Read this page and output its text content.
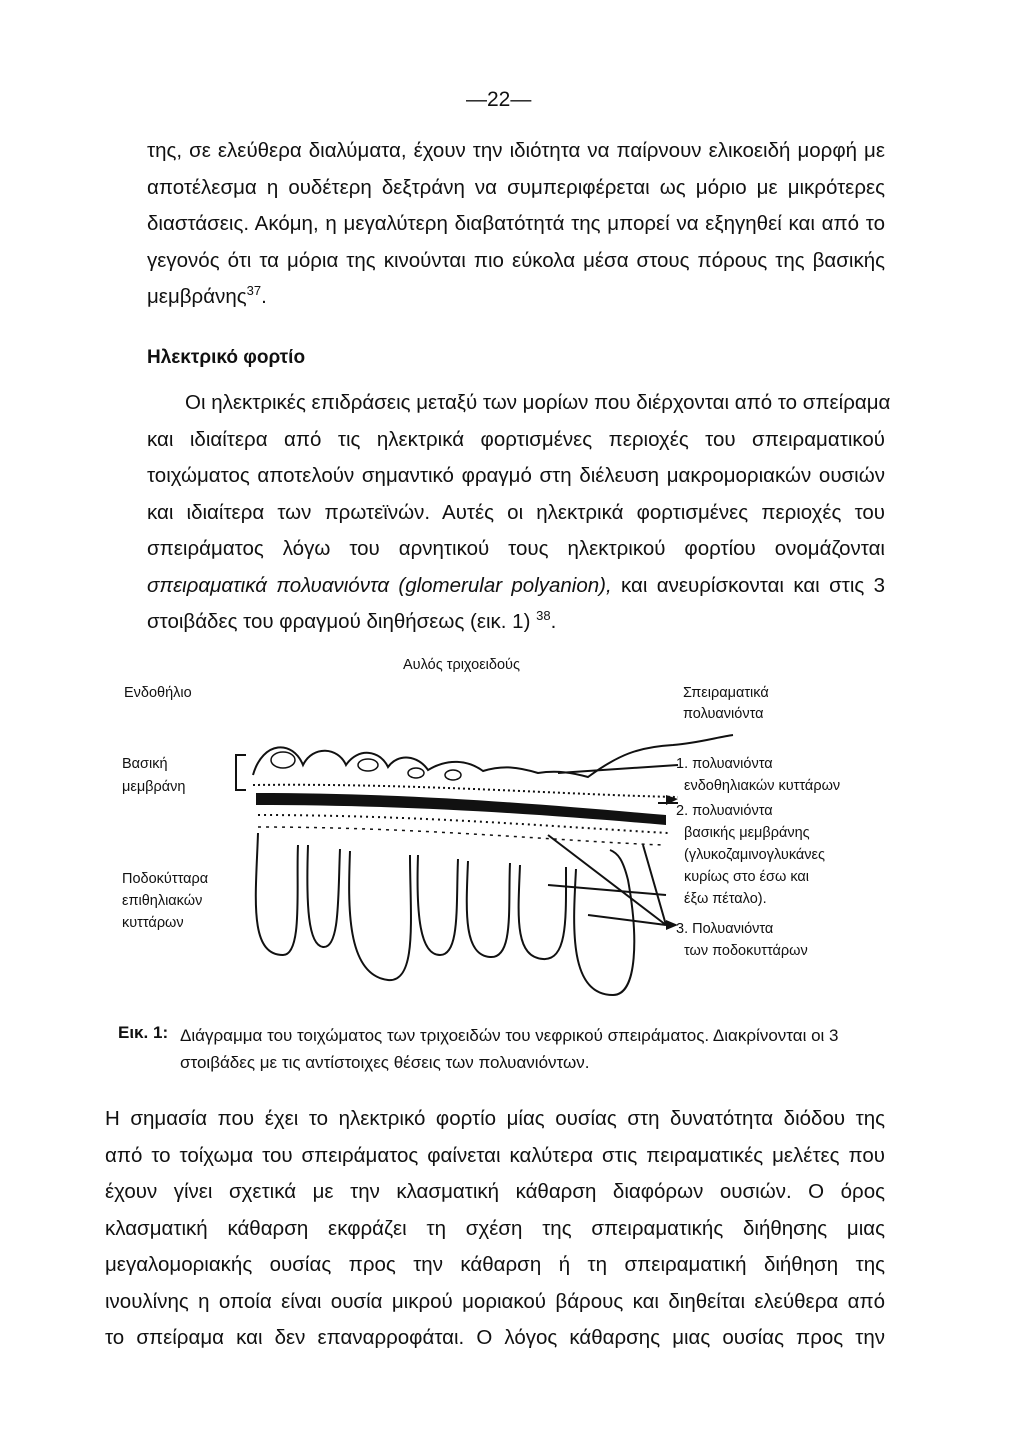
—22—
της, σε ελεύθερα διαλύματα, έχουν την ιδιότητα να παίρνουν ελικοειδή μορφή με
αποτέλεσμα η ουδέτερη δεξτράνη να συμπεριφέρεται ως μόριο με μικρότερες
διαστάσεις. Ακόμη, η μεγαλύτερη διαβατότητά της μπορεί να εξηγηθεί και από το
γεγονός ότι τα μόρια της κινούνται πιο εύκολα μέσα στους πόρους της βασικής
μεμβράνης$^{37}$.
Ηλεκτρικό φορτίο
Οι ηλεκτρικές επιδράσεις μεταξύ των μορίων που διέρχονται από το σπείραμα
και ιδιαίτερα από τις ηλεκτρικά φορτισμένες περιοχές του σπειραματικού
τοιχώματος αποτελούν σημαντικό φραγμό στη διέλευση μακρομοριακών ουσιών
και ιδιαίτερα των πρωτεϊνών. Αυτές οι ηλεκτρικά φορτισμένες περιοχές του
σπειράματος λόγω του αρνητικού τους ηλεκτρικού φορτίου ονομάζονται
σπειραματικά πολυανιόντα (glomerular polyanion), και ανευρίσκονται και στις 3
στοιβάδες του φραγμού διηθήσεως (εικ. 1) $^{38}$.
Αυλός τριχοειδούς
Ενδοθήλιο
Βασική
μεμβράνη
Ποδοκύτταρα
επιθηλιακών
κυττάρων
Σπειραματικά
πολυανιόντα
1. πολυανιόντα
ενδοθηλιακών κυττάρων
2. πολυανιόντα
βασικής μεμβράνης
(γλυκοζαμινογλυκάνες
κυρίως στο έσω και
έξω πέταλο).
3. Πολυανιόντα
των ποδοκυττάρων
Εικ. 1: Διάγραμμα του τοιχώματος των τριχοειδών του νεφρικού σπειράματος. Διακρίνονται οι 3 στοιβάδες με τις αντίστοιχες θέσεις των πολυανιόντων.
Η σημασία που έχει το ηλεκτρικό φορτίο μίας ουσίας στη δυνατότητα διόδου της
από το τοίχωμα του σπειράματος φαίνεται καλύτερα στις πειραματικές μελέτες που
έχουν γίνει σχετικά με την κλασματική κάθαρση διαφόρων ουσιών. Ο όρος
κλασματική κάθαρση εκφράζει τη σχέση της σπειραματικής διήθησης μιας
μεγαλομοριακής ουσίας προς την κάθαρση ή τη σπειραματική διήθηση της
ινουλίνης η οποία είναι ουσία μικρού μοριακού βάρους και διηθείται ελεύθερα από
το σπείραμα και δεν επαναρροφάται. Ο λόγος κάθαρσης μιας ουσίας προς την
